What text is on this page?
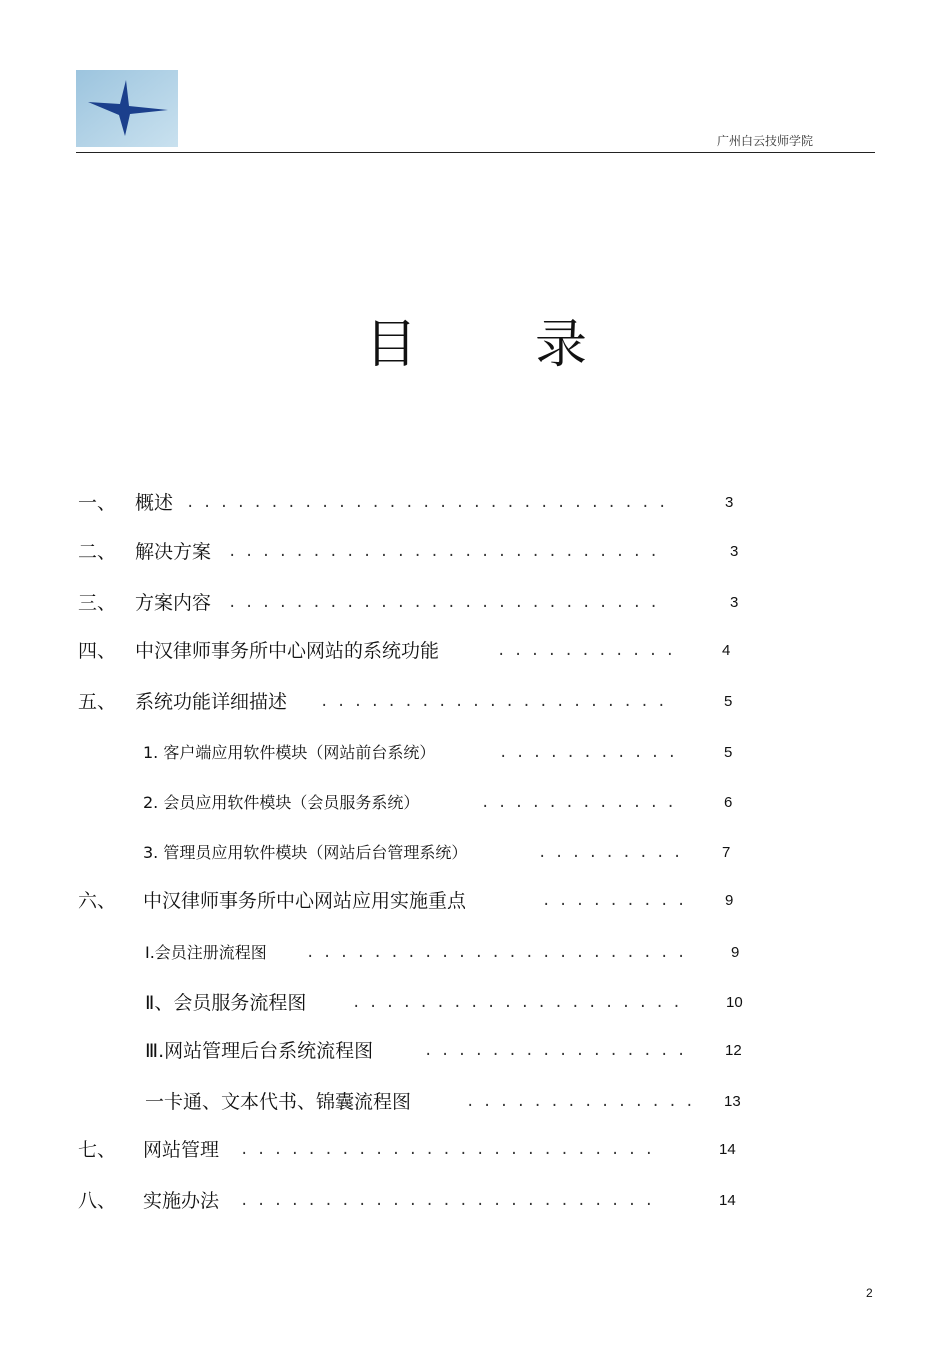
广州白云技师学院
目 录
一、 概述 . . . . . . . . . . . . . . . . . . . . . . . . . . . . .	3
二、 解决方案 . . . . . . . . . . . . . . . . . . . . . . . . . .	3
三、 方案内容 . . . . . . . . . . . . . . . . . . . . . . . . . .	3
四、 中汉律师事务所中心网站的系统功能	. . . . . . . . . . .	4
五、 系统功能详细描述 . . . . . . . . . . . . . . . . . . . . .	5
1. 客户端应用软件模块（网站前台系统）	. . . . . . . . . . .	5
2. 会员应用软件模块（会员服务系统）	. . . . . . . . . . . .	6
3. 管理员应用软件模块（网站后台管理系统）	. . . . . . . . .	7
六、 中汉律师事务所中心网站应用实施重点	. . . . . . . . .	9
Ⅰ.会员注册流程图	. . . . . . . . . . . . . . . . . . . . . . .	9
Ⅱ、会员服务流程图	. . . . . . . . . . . . . . . . . . . .	10
Ⅲ.网站管理后台系统流程图	. . . . . . . . . . . . . . . .	12
一卡通、文本代书、锦囊流程图	. . . . . . . . . . . . . . 13
七、 网站管理 . . . . . . . . . . . . . . . . . . . . . . . . .	14
八、 实施办法 . . . . . . . . . . . . . . . . . . . . . . . . .	14
2
